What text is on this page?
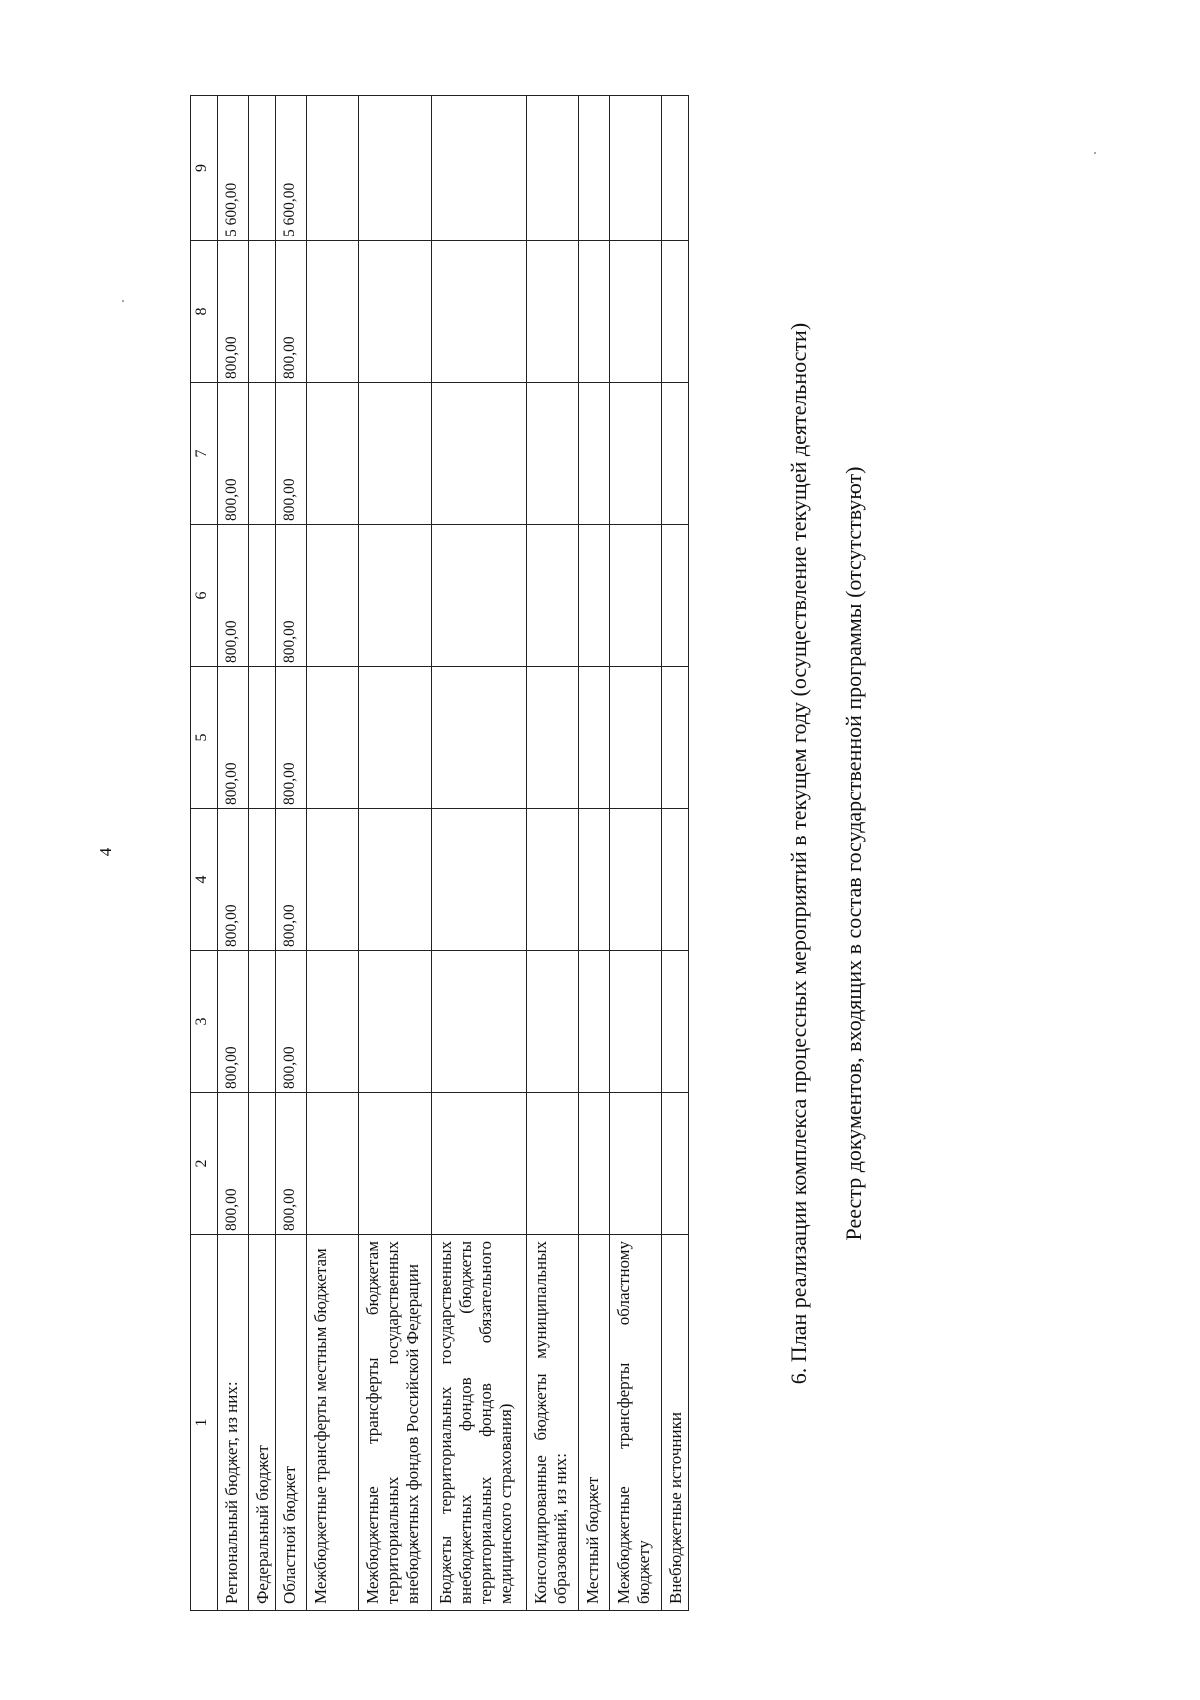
4
1	2	3	4	5	6	7	8	9
Региональный бюджет, из них:	800,00	800,00	800,00	800,00	800,00	800,00	800,00	5 600,00
Федеральный бюджет								
Областной бюджет	800,00	800,00	800,00	800,00	800,00	800,00	800,00	5 600,00
Межбюджетные трансферты местным бюджетам								
Межбюджетные трансферты бюджетам территориальных государственных внебюджетных фондов Российской Федерации								
Бюджеты территориальных государственных внебюджетных фондов (бюджеты территориальных фондов обязательного медицинского страхования)								
Консолидированные бюджеты муниципальных образований, из них:								
Местный бюджет								
Межбюджетные трансферты областному бюджету								
Внебюджетные источники								
6. План реализации комплекса процессных мероприятий в текущем году (осуществление текущей деятельности) Реестр документов, входящих в состав государственной программы (отсутствуют)
